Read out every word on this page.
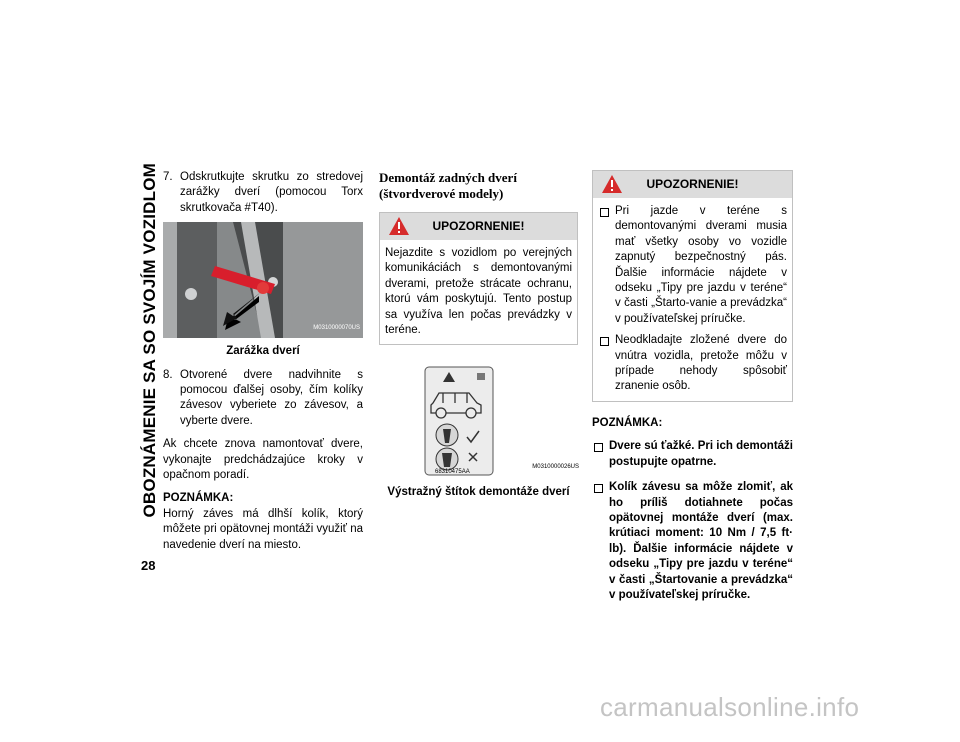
OBOZNÁMENIE SA SO SVOJÍM VOZIDLOM
28
7. Odskrutkujte skrutku zo stredovej zarážky dverí (pomocou Torx skrutkovača #T40).
M0310000070US

Zarážka dverí

8. Otvorené dvere nadvihnite s pomocou ďalšej osoby, čím kolíky závesov vyberiete zo závesov, a vyberte dvere.

Ak chcete znova namontovať dvere, vykonajte predchádzajúce kroky v opačnom poradí.

POZNÁMKA:

Horný záves má dlhší kolík, ktorý môžete pri opätovnej montáži využiť na navedenie dverí na miesto.

Demontáž zadných dverí (štvordverové modely)
UPOZORNENIE!
Nejazdite s vozidlom po verejných komunikáciách s demontovanými dverami, pretože strácate ochranu, ktorú vám poskytujú. Tento postup sa využíva len počas prevádzky v teréne.
68310475AA
M0310000026US

Výstražný štítok demontáže dverí

UPOZORNENIE!
Pri jazde v teréne s demontovanými dverami musia mať všetky osoby vo vozidle zapnutý bezpečnostný pás. Ďalšie informácie nájdete v odseku „Tipy pre jazdu v teréne“ v časti „Štarto-vanie a prevádzka“ v používateľskej príručke.
Neodkladajte zložené dvere do vnútra vozidla, pretože môžu v prípade nehody spôsobiť zranenie osôb.

POZNÁMKA:

Dvere sú ťažké. Pri ich demontáži postupujte opatrne.
Kolík závesu sa môže zlomiť, ak ho príliš dotiahnete počas opätovnej montáže dverí (max. krútiaci moment: 10 Nm / 7,5 ft· lb). Ďalšie informácie nájdete v odseku „Tipy pre jazdu v teréne“ v časti „Štartovanie a prevádzka“ v používateľskej príručke.
carmanualsonline.info
